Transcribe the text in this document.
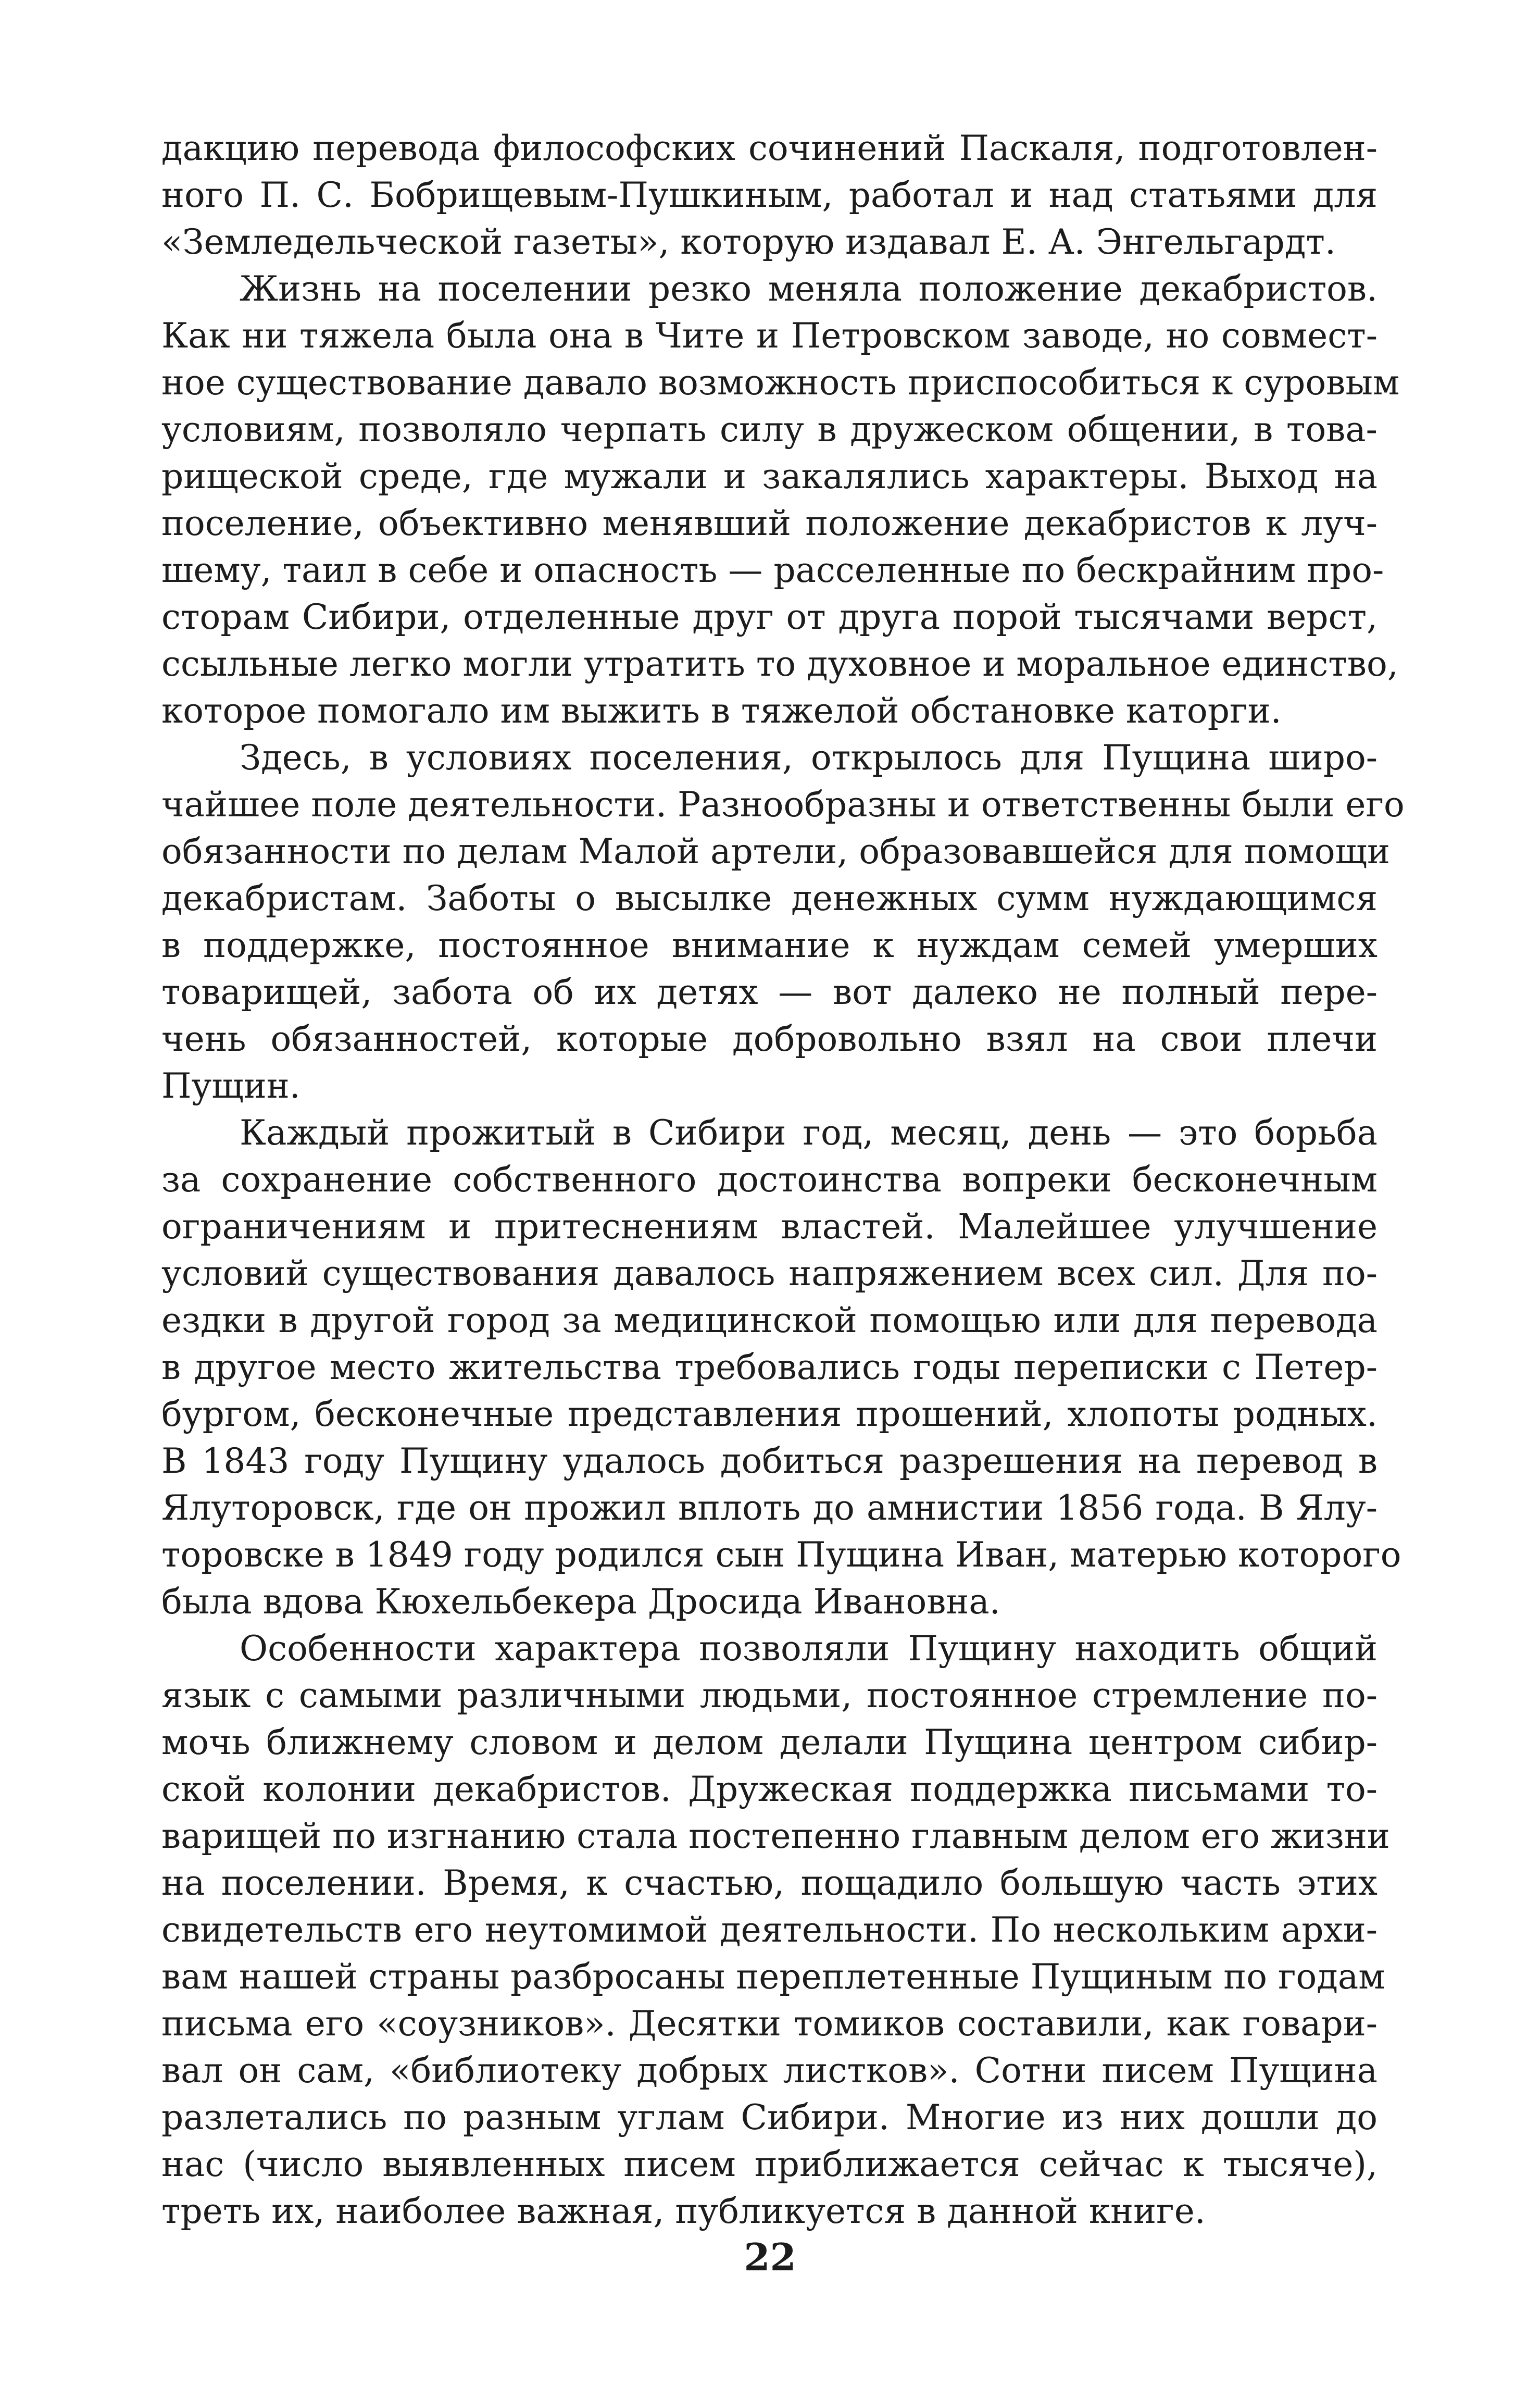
дакцию перевода философских сочинений Паскаля, подготовлен-
ного П. С. Бобрищевым-Пушкиным, работал и над статьями для
«Земледельческой газеты», которую издавал Е. А. Энгельгардт.
Жизнь на поселении резко меняла положение декабристов.
Как ни тяжела была она в Чите и Петровском заводе, но совмест-
ное существование давало возможность приспособиться к суровым
условиям, позволяло черпать силу в дружеском общении, в това-
рищеской среде, где мужали и закалялись характеры. Выход на
поселение, объективно менявший положение декабристов к луч-
шему, таил в себе и опасность — расселенные по бескрайним про-
сторам Сибири, отделенные друг от друга порой тысячами верст,
ссыльные легко могли утратить то духовное и моральное единство,
которое помогало им выжить в тяжелой обстановке каторги.
Здесь, в условиях поселения, открылось для Пущина широ-
чайшее поле деятельности. Разнообразны и ответственны были его
обязанности по делам Малой артели, образовавшейся для помощи
декабристам. Заботы о высылке денежных сумм нуждающимся
в поддержке, постоянное внимание к нуждам семей умерших
товарищей, забота об их детях — вот далеко не полный пере-
чень обязанностей, которые добровольно взял на свои плечи
Пущин.
Каждый прожитый в Сибири год, месяц, день — это борьба
за сохранение собственного достоинства вопреки бесконечным
ограничениям и притеснениям властей. Малейшее улучшение
условий существования давалось напряжением всех сил. Для по-
ездки в другой город за медицинской помощью или для перевода
в другое место жительства требовались годы переписки с Петер-
бургом, бесконечные представления прошений, хлопоты родных.
В 1843 году Пущину удалось добиться разрешения на перевод в
Ялуторовск, где он прожил вплоть до амнистии 1856 года. В Ялу-
торовске в 1849 году родился сын Пущина Иван, матерью которого
была вдова Кюхельбекера Дросида Ивановна.
Особенности характера позволяли Пущину находить общий
язык с самыми различными людьми, постоянное стремление по-
мочь ближнему словом и делом делали Пущина центром сибир-
ской колонии декабристов. Дружеская поддержка письмами то-
варищей по изгнанию стала постепенно главным делом его жизни
на поселении. Время, к счастью, пощадило большую часть этих
свидетельств его неутомимой деятельности. По нескольким архи-
вам нашей страны разбросаны переплетенные Пущиным по годам
письма его «соузников». Десятки томиков составили, как говари-
вал он сам, «библиотеку добрых листков». Сотни писем Пущина
разлетались по разным углам Сибири. Многие из них дошли до
нас (число выявленных писем приближается сейчас к тысяче),
треть их, наиболее важная, публикуется в данной книге.
22
